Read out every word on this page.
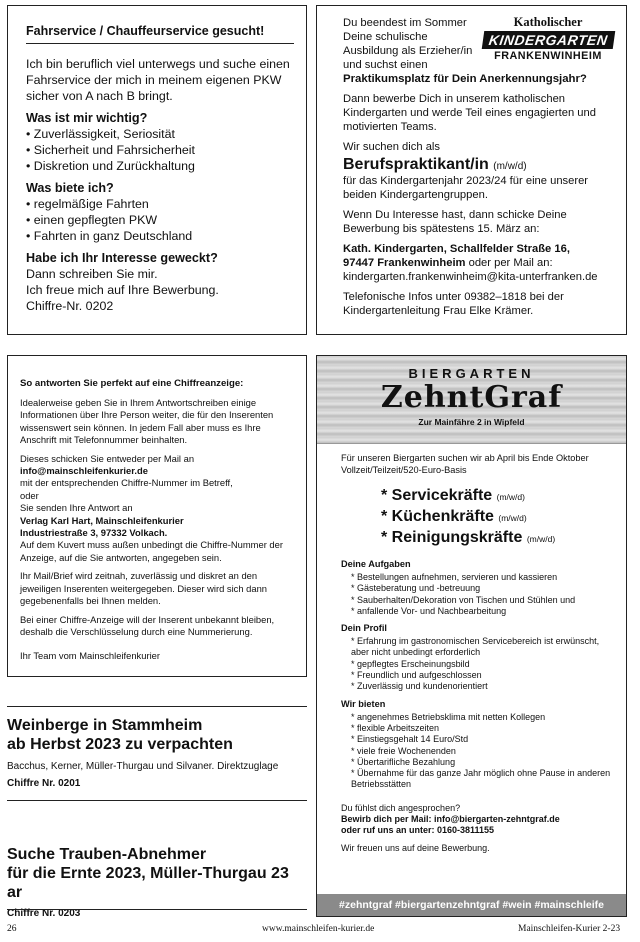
Fahrservice / Chauffeurservice gesucht!

Ich bin beruflich viel unterwegs und suche einen Fahrservice der mich in meinem eigenen PKW sicher von A nach B bringt.

Was ist mir wichtig?
• Zuverlässigkeit, Seriosität
• Sicherheit und Fahrsicherheit
• Diskretion und Zurückhaltung
Was biete ich?
• regelmäßige Fahrten
• einen gepflegten PKW
• Fahrten in ganz Deutschland
Habe ich Ihr Interesse geweckt?

Dann schreiben Sie mir.

Ich freue mich auf Ihre Bewerbung.

Chiffre-Nr. 0202

Katholischer
KINDERGARTEN
FRANKENWINHEIM
Du beendest im Sommer Deine schulische Ausbildung als Erzieher/in und suchst einen

Praktikumsplatz für Dein Anerkennungsjahr?

Dann bewerbe Dich in unserem katholischen Kindergarten und werde Teil eines engagierten und motivierten Teams.

Wir suchen dich als

Berufspraktikant/in (m/w/d)

für das Kindergartenjahr 2023/24 für eine unserer beiden Kindergartengruppen.

Wenn Du Interesse hast, dann schicke Deine Bewerbung bis spätestens 15. März an:

Kath. Kindergarten, Schallfelder Straße 16,
97447 Frankenwinheim oder per Mail an:
kindergarten.frankenwinheim@kita-unterfranken.de

Telefonische Infos unter 09382–1818 bei der Kindergartenleitung Frau Elke Krämer.

So antworten Sie perfekt auf eine Chiffreanzeige:

Idealerweise geben Sie in Ihrem Antwortschreiben einige Informationen über Ihre Person weiter, die für den Inserenten wissenswert sein können. In jedem Fall aber muss es Ihre Anschrift mit Telefonnummer beinhalten.

Dieses schicken Sie entweder per Mail an
info@mainschleifenkurier.de
mit der entsprechenden Chiffre-Nummer im Betreff,
oder
Sie senden Ihre Antwort an
Verlag Karl Hart, Mainschleifenkurier
Industriestraße 3, 97332 Volkach.
Auf dem Kuvert muss außen unbedingt die Chiffre-Nummer der Anzeige, auf die Sie antworten, angegeben sein.

Ihr Mail/Brief wird zeitnah, zuverlässig und diskret an den jeweiligen Inserenten weitergegeben. Dieser wird sich dann gegebenenfalls bei Ihnen melden.

Bei einer Chiffre-Anzeige will der Inserent unbekannt bleiben, deshalb die Verschlüsselung durch eine Nummerierung.

Ihr Team vom Mainschleifenkurier

Weinberge in Stammheim
ab Herbst 2023 zu verpachten

Bacchus, Kerner, Müller-Thurgau und Silvaner. Direktzuglage

Chiffre Nr. 0201

Suche Trauben-Abnehmer
für die Ernte 2023, Müller-Thurgau 23 ar
Chiffre Nr. 0203
BIERGARTEN
ZehntGraf
Zur Mainfähre 2 in Wipfeld

Für unseren Biergarten suchen wir ab April bis Ende Oktober
Vollzeit/Teilzeit/520-Euro-Basis

* Servicekräfte (m/w/d)
* Küchenkräfte (m/w/d)
* Reinigungskräfte (m/w/d)
Deine Aufgaben
* Bestellungen aufnehmen, servieren und kassieren
* Gästeberatung und -betreuung
* Sauberhalten/Dekoration von Tischen und Stühlen und
* anfallende Vor- und Nachbearbeitung
Dein Profil
* Erfahrung im gastronomischen Servicebereich ist erwünscht, aber nicht unbedingt erforderlich
* gepflegtes Erscheinungsbild
* Freundlich und aufgeschlossen
* Zuverlässig und kundenorientiert
Wir bieten
* angenehmes Betriebsklima mit netten Kollegen
* flexible Arbeitszeiten
* Einstiegsgehalt 14 Euro/Std
* viele freie Wochenenden
* Übertarifliche Bezahlung
* Übernahme für das ganze Jahr möglich ohne Pause in anderen Betriebsstätten
Du fühlst dich angesprochen?
Bewirb dich per Mail: info@biergarten-zehntgraf.de
oder ruf uns an unter: 0160-3811155
Wir freuen uns auf deine Bewerbung.
#zehntgraf #biergartenzehntgraf #wein #mainschleife
26	www.mainschleifen-kurier.de	Mainschleifen-Kurier 2-23
